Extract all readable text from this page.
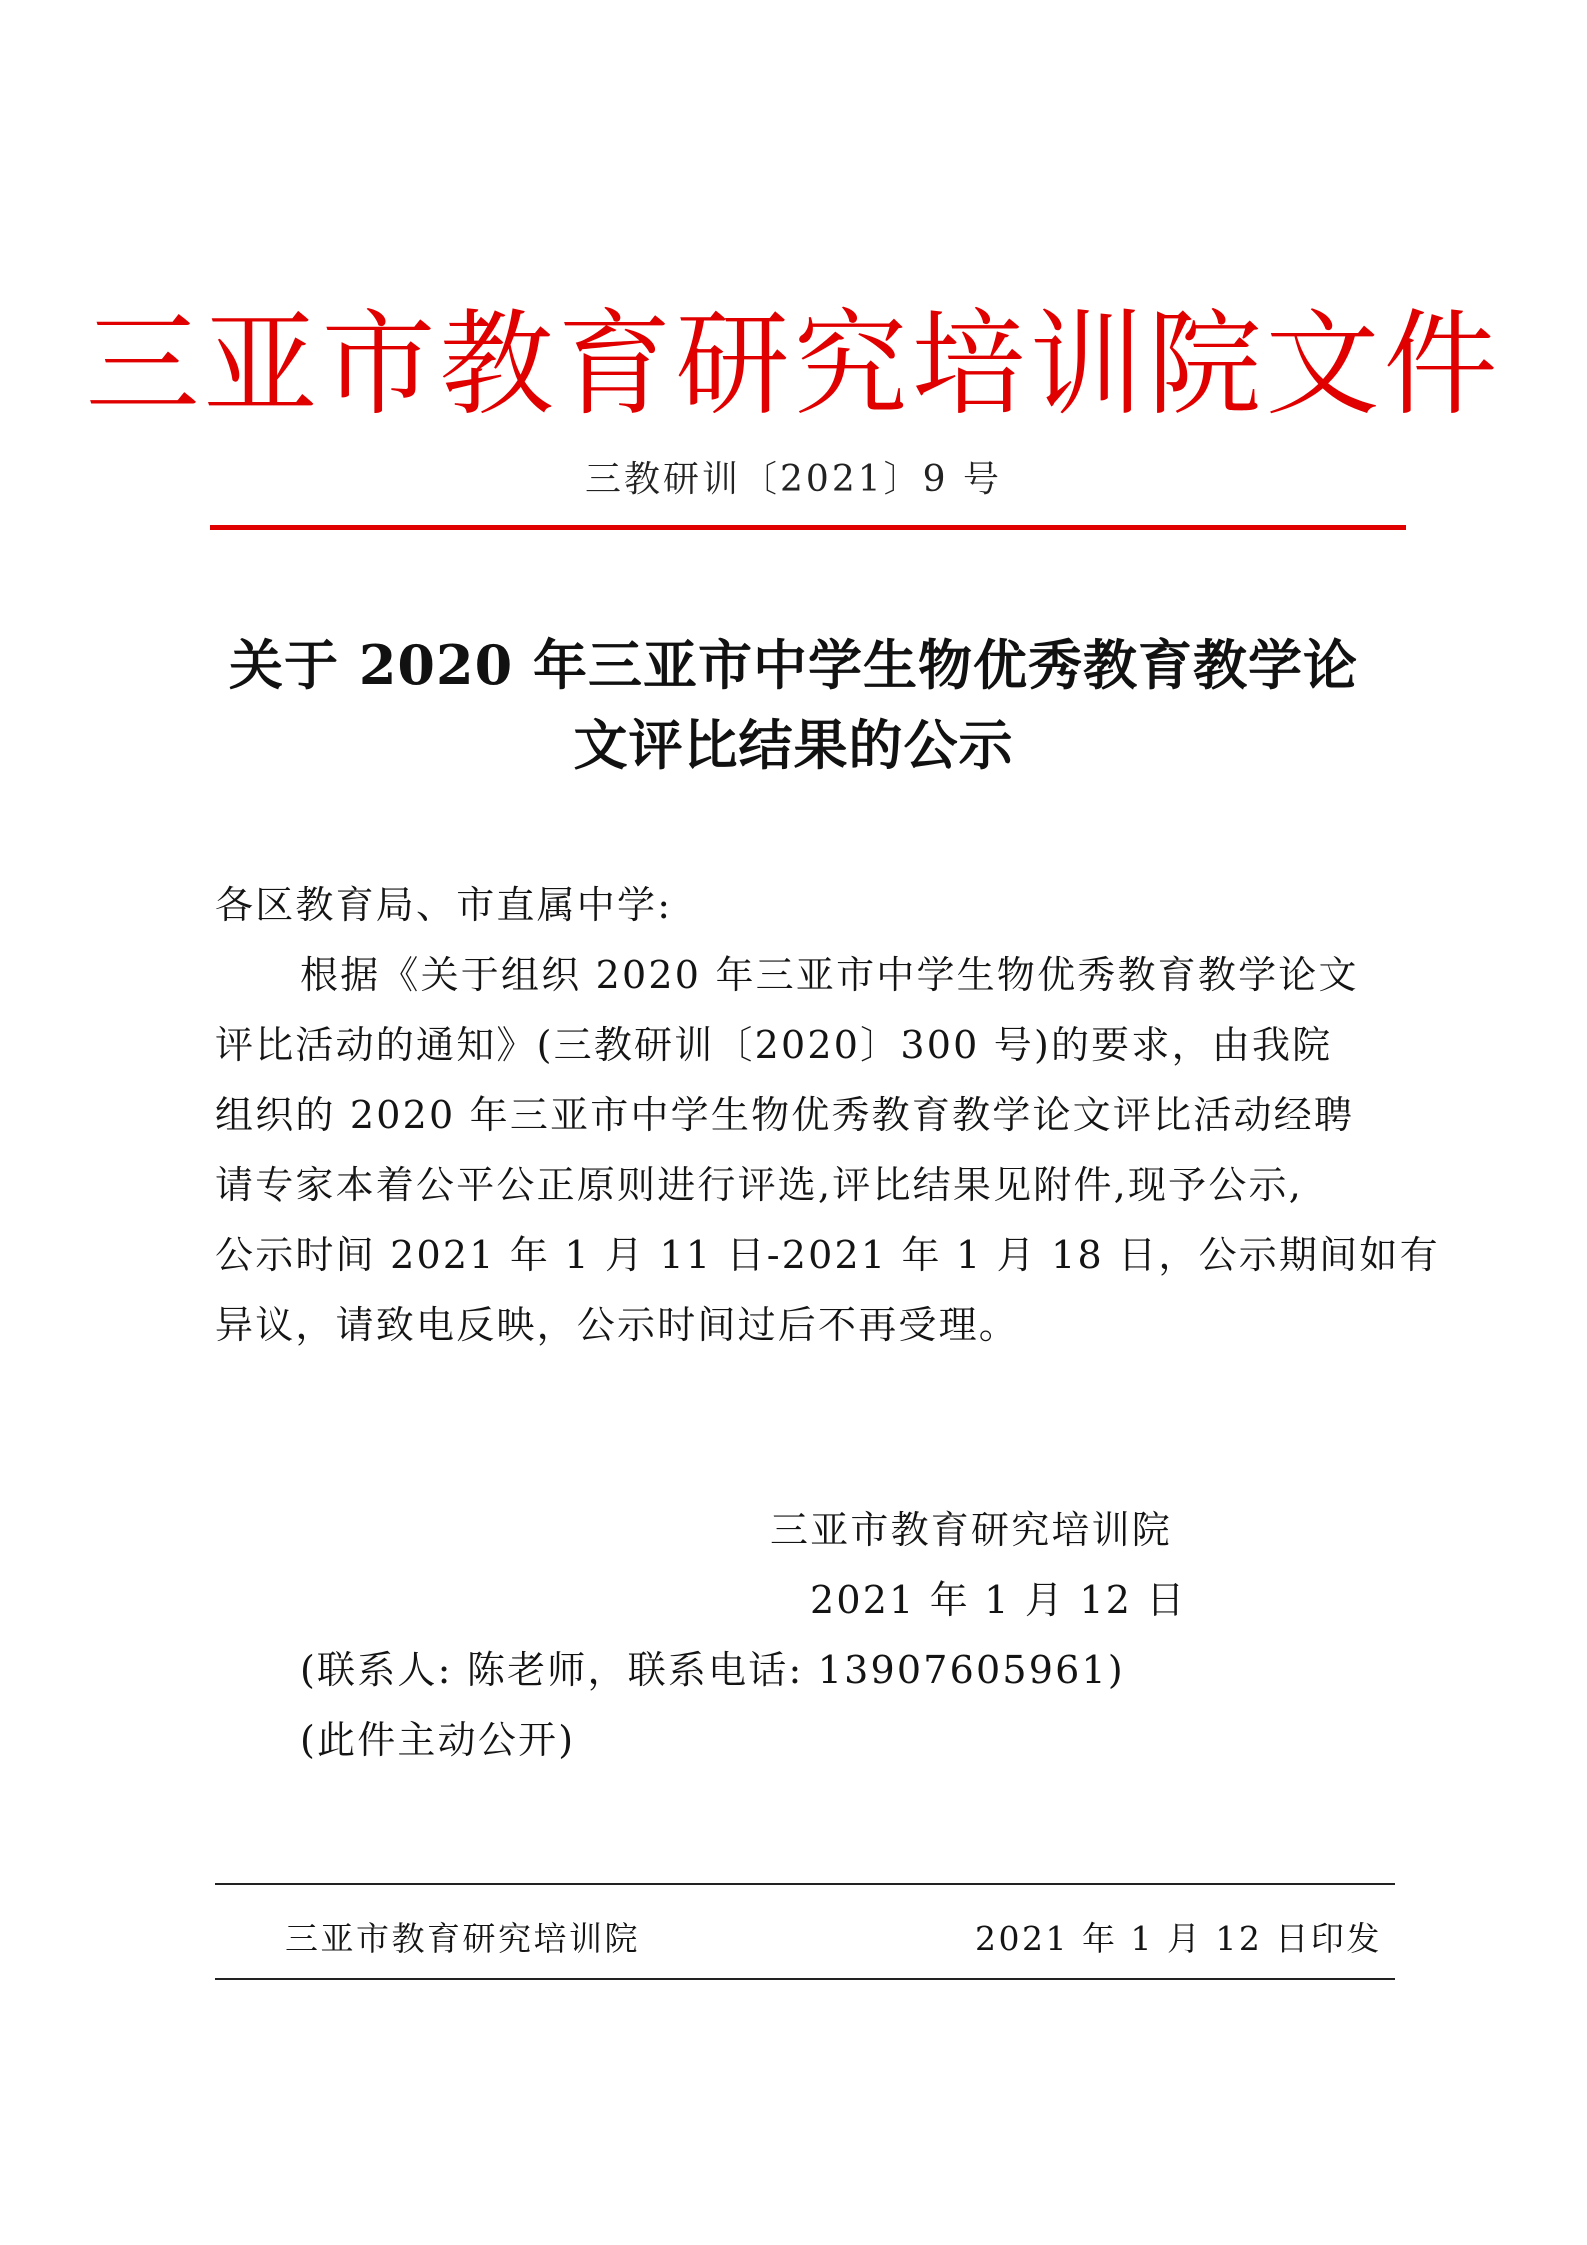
三亚市教育研究培训院文件
三教研训〔2021〕9 号
关于 2020 年三亚市中学生物优秀教育教学论
文评比结果的公示
各区教育局、市直属中学:
根据《关于组织 2020 年三亚市中学生物优秀教育教学论文
评比活动的通知》(三教研训〔2020〕300 号)的要求，由我院
组织的 2020 年三亚市中学生物优秀教育教学论文评比活动经聘
请专家本着公平公正原则进行评选,评比结果见附件,现予公示,
公示时间 2021 年 1 月 11 日-2021 年 1 月 18 日，公示期间如有
异议，请致电反映，公示时间过后不再受理。
三亚市教育研究培训院
2021 年 1 月 12 日
(联系人: 陈老师，联系电话: 13907605961)
(此件主动公开)
三亚市教育研究培训院	2021 年 1 月 12 日印发
